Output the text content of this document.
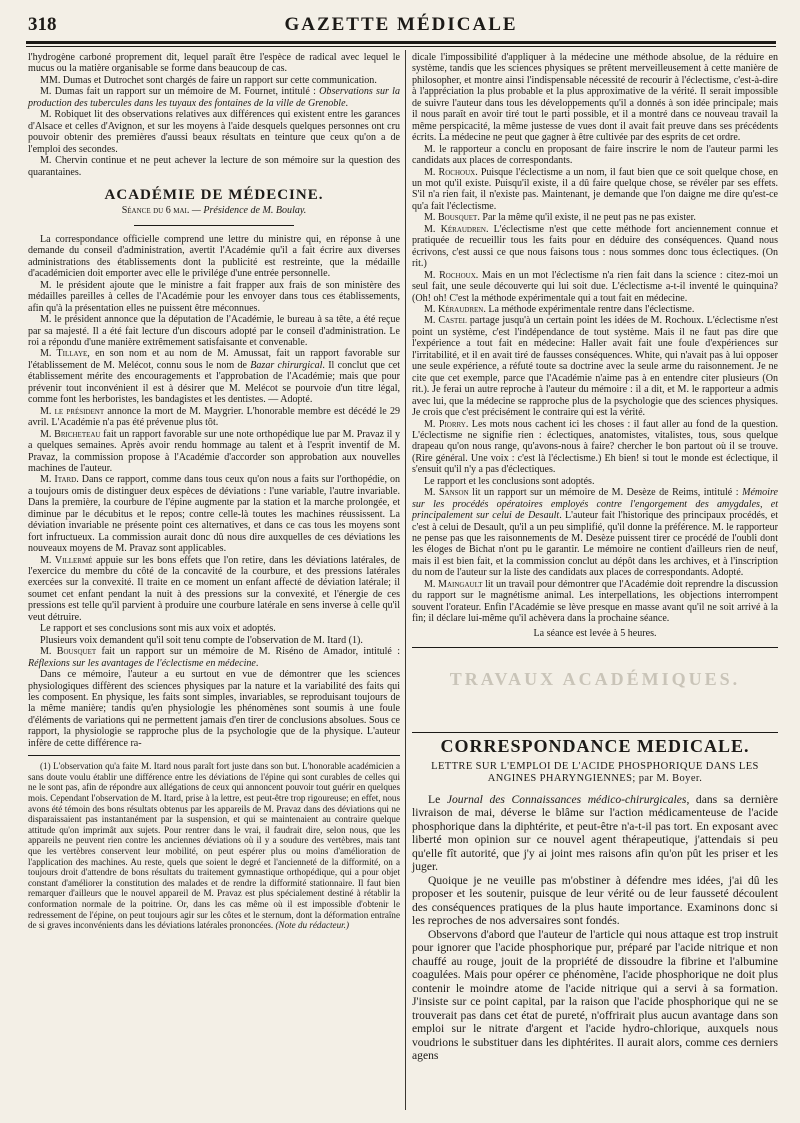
318	GAZETTE MÉDICALE

l'hydrogène carboné proprement dit, lequel paraît être l'espèce de radical avec lequel le mucus ou la matière organisable se forme dans beaucoup de cas.

MM. Dumas et Dutrochet sont chargés de faire un rapport sur cette communication.

M. Dumas fait un rapport sur un mémoire de M. Fournet, intitulé : Observations sur la production des tubercules dans les tuyaux des fontaines de la ville de Grenoble.

M. Robiquet lit des observations relatives aux différences qui existent entre les garances d'Alsace et celles d'Avignon, et sur les moyens à l'aide desquels quelques personnes ont cru pouvoir obtenir des premières d'aussi beaux résultats en teinture que ceux qu'on a de l'emploi des secondes.

M. Chervin continue et ne peut achever la lecture de son mémoire sur la question des quarantaines.

ACADÉMIE DE MÉDECINE.
Séance du 6 mai. — Présidence de M. Boulay.

La correspondance officielle comprend une lettre du ministre qui, en réponse à une demande du conseil d'administration, avertit l'Académie qu'il a fait écrire aux diverses administrations des établissements dont la publicité est restreinte, que la médaille d'académicien doit emporter avec elle le privilége d'une entrée personnelle.

M. le président ajoute que le ministre a fait frapper aux frais de son ministère des médailles pareilles à celles de l'Académie pour les envoyer dans tous ces établissements, afin qu'à la présentation elles ne puissent être méconnues.

M. le président annonce que la députation de l'Académie, le bureau à sa tête, a été reçue par sa majesté. Il a été fait lecture d'un discours adopté par le conseil d'administration. Le roi a répondu d'une manière extrêmement satisfaisante et convenable.

M. Tillaye, en son nom et au nom de M. Amussat, fait un rapport favorable sur l'établissement de M. Melécot, connu sous le nom de Bazar chirurgical. Il conclut que cet établissement mérite des encouragements et l'approbation de l'Académie; mais que pour prévenir tout inconvénient il est à désirer que M. Melécot se pourvoie d'un titre légal, comme font les herboristes, les bandagistes et les dentistes. — Adopté.

M. le président annonce la mort de M. Maygrier. L'honorable membre est décédé le 29 avril. L'Académie n'a pas été prévenue plus tôt.

M. Bricheteau fait un rapport favorable sur une note orthopédique lue par M. Pravaz il y a quelques semaines. Après avoir rendu hommage au talent et à l'esprit inventif de M. Pravaz, la commission propose à l'Académie d'accorder son approbation aux nouvelles machines de l'auteur.

M. Itard. Dans ce rapport, comme dans tous ceux qu'on nous a faits sur l'orthopédie, on a toujours omis de distinguer deux espèces de déviations : l'une variable, l'autre invariable. Dans la première, la courbure de l'épine augmente par la station et la marche prolongée, et diminue par le décubitus et le repos; contre celle-là toutes les machines réussissent. La déviation invariable ne présente point ces alternatives, et dans ce cas tous les moyens sont fort infructueux. La commission aurait donc dû nous dire auxquelles de ces déviations les nouveaux moyens de M. Pravaz sont applicables.

M. Villermé appuie sur les bons effets que l'on retire, dans les déviations latérales, de l'exercice du membre du côté de la concavité de la courbure, et des pressions latérales exercées sur la convexité. Il traite en ce moment un enfant affecté de déviation latérale; il soumet cet enfant pendant la nuit à des pressions sur la convexité, et l'énergie de ces pressions est telle qu'il parvient à produire une courbure latérale en sens inverse à celle qu'il veut détruire.

Le rapport et ses conclusions sont mis aux voix et adoptés.

Plusieurs voix demandent qu'il soit tenu compte de l'observation de M. Itard (1).

M. Bousquet fait un rapport sur un mémoire de M. Riséno de Amador, intitulé : Réflexions sur les avantages de l'éclectisme en médecine.

Dans ce mémoire, l'auteur a eu surtout en vue de démontrer que les sciences physiologiques diffèrent des sciences physiques par la nature et la variabilité des faits qui les composent. En physique, les faits sont simples, invariables, se reproduisant toujours de la même manière; tandis qu'en physiologie les phénomènes sont soumis à une foule d'éléments de variations qui ne permettent jamais d'en tirer de conclusions absolues. Sous ce rapport, la physiologie se rapproche plus de la psychologie que de la physique. L'auteur infère de cette différence ra-

(1) L'observation qu'a faite M. Itard nous paraît fort juste dans son but. L'honorable académicien a sans doute voulu établir une différence entre les déviations de l'épine qui sont curables de celles qui ne le sont pas, afin de répondre aux allégations de ceux qui annoncent pouvoir tout guérir en quelques mois. Cependant l'observation de M. Itard, prise à la lettre, est peut-être trop rigoureuse; en effet, nous avons été témoin des bons résultats obtenus par les appareils de M. Pravaz dans des déviations qui ne disparaissaient pas instantanément par la suspension, et qui se maintenaient au contraire quelque attitude qu'on imprimât aux sujets. Pour rentrer dans le vrai, il faudrait dire, selon nous, que les appareils ne peuvent rien contre les anciennes déviations où il y a soudure des vertèbres, mais tant que les vertèbres conservent leur mobilité, on peut espérer plus ou moins d'amélioration de l'application des machines. Au reste, quels que soient le degré et l'ancienneté de la difformité, on a toujours droit d'attendre de bons résultats du traitement gymnastique orthopédique, qui a pour objet constant d'améliorer la constitution des malades et de rendre la difformité stationnaire. Il faut bien remarquer d'ailleurs que le nouvel appareil de M. Pravaz est plus spécialement destiné à rétablir la conformation normale de la poitrine. Or, dans les cas même où il est impossible d'obtenir le redressement de l'épine, on peut toujours agir sur les côtes et le sternum, dont la déformation entraîne de si graves inconvénients dans les déviations latérales prononcées. (Note du rédacteur.)

dicale l'impossibilité d'appliquer à la médecine une méthode absolue, de la réduire en système, tandis que les sciences physiques se prêtent merveilleusement à cette manière de philosopher, et montre ainsi l'indispensable nécessité de recourir à l'éclectisme, c'est-à-dire à l'appréciation la plus probable et la plus approximative de la vérité. Il serait impossible de suivre l'auteur dans tous les développements qu'il a donnés à son idée principale; mais il nous paraît en avoir tiré tout le parti possible, et il a montré dans ce nouveau travail la même perspicacité, la même justesse de vues dont il avait fait preuve dans ses précédents écrits. La médecine ne peut que gagner à être cultivée par des esprits de cet ordre.

M. le rapporteur a conclu en proposant de faire inscrire le nom de l'auteur parmi les candidats aux places de correspondants.

M. Rochoux. Puisque l'éclectisme a un nom, il faut bien que ce soit quelque chose, en un mot qu'il existe. Puisqu'il existe, il a dû faire quelque chose, se révéler par ses effets. S'il n'a rien fait, il n'existe pas. Maintenant, je demande que l'on daigne me dire qu'est-ce qu'a fait l'éclectisme.

M. Bousquet. Par la même qu'il existe, il ne peut pas ne pas exister.

M. Kéraudren. L'éclectisme n'est que cette méthode fort anciennement connue et pratiquée de recueillir tous les faits pour en déduire des conséquences. Quand nous écrivons, c'est aussi ce que nous faisons tous : nous sommes donc tous éclectiques. (On rit.)

M. Rochoux. Mais en un mot l'éclectisme n'a rien fait dans la science : citez-moi un seul fait, une seule découverte qui lui soit due. L'éclectisme a-t-il inventé le quinquina? (Oh! oh! C'est la méthode expérimentale qui a tout fait en médecine.

M. Kéraudren. La méthode expérimentale rentre dans l'éclectisme.

M. Castel partage jusqu'à un certain point les idées de M. Rochoux. L'éclectisme n'est point un système, c'est l'indépendance de tout système. Mais il ne faut pas dire que l'expérience a tout fait en médecine: Haller avait fait une foule d'expériences sur l'irritabilité, et il en avait tiré de fausses conséquences. White, qui n'avait pas à lui opposer une seule expérience, a réfuté toute sa doctrine avec la seule arme du raisonnement. Je ne cite que cet exemple, parce que l'Académie n'aime pas à en entendre citer plusieurs (On rit.). Je ferai un autre reproche à l'auteur du mémoire : il a dit, et M. le rapporteur a admis avec lui, que la médecine se rapproche plus de la psychologie que des sciences physiques. Je crois que c'est précisément le contraire qui est la vérité.

M. Piorry. Les mots nous cachent ici les choses : il faut aller au fond de la question. L'éclectisme ne signifie rien : éclectiques, anatomistes, vitalistes, tous, sous quelque drapeau qu'on nous range, qu'avons-nous à faire? chercher le bon partout où il se trouve. (Rire général. Une voix : c'est là l'éclectisme.) Eh bien! si tout le monde est éclectique, il s'ensuit qu'il n'y a pas d'éclectiques.

Le rapport et les conclusions sont adoptés.

M. Sanson lit un rapport sur un mémoire de M. Desèze de Reims, intitulé : Mémoire sur les procédés opératoires employés contre l'engorgement des amygdales, et principalement sur celui de Desault. L'auteur fait l'historique des principaux procédés, et c'est à celui de Desault, qu'il a un peu simplifié, qu'il donne la préférence. M. le rapporteur ne pense pas que les raisonnements de M. Desèze puissent tirer ce procédé de l'oubli dont les éloges de Bichat n'ont pu le garantir. Le mémoire ne contient d'ailleurs rien de neuf, mais il est bien fait, et la commission conclut au dépôt dans les archives, et à l'inscription du nom de l'auteur sur la liste des candidats aux places de correspondants. Adopté.

M. Maingault lit un travail pour démontrer que l'Académie doit reprendre la discussion du rapport sur le magnétisme animal. Les interpellations, les objections interrompent souvent l'orateur. Enfin l'Académie se lève presque en masse avant qu'il ne soit arrivé à la fin; il déclare lui-même qu'il achèvera dans la prochaine séance.

La séance est levée à 5 heures.
TRAVAUX ACADÉMIQUES.
CORRESPONDANCE MEDICALE.
LETTRE SUR L'EMPLOI DE L'ACIDE PHOSPHORIQUE DANS LES ANGINES PHARYNGIENNES; par M. Boyer.

Le Journal des Connaissances médico-chirurgicales, dans sa dernière livraison de mai, déverse le blâme sur l'action médicamenteuse de l'acide phosphorique dans la diphtérite, et peut-être n'a-t-il pas tort. En exposant avec liberté mon opinion sur ce nouvel agent thérapeutique, j'attendais si peu qu'elle fît autorité, que j'y ai joint mes raisons afin qu'on pût les priser et les juger.

Quoique je ne veuille pas m'obstiner à défendre mes idées, j'ai dû les proposer et les soutenir, puisque de leur vérité ou de leur fausseté découlent des conséquences pratiques de la plus haute importance. Examinons donc si les reproches de nos adversaires sont fondés.

Observons d'abord que l'auteur de l'article qui nous attaque est trop instruit pour ignorer que l'acide phosphorique pur, préparé par l'acide nitrique et non chauffé au rouge, jouit de la propriété de dissoudre la fibrine et l'albumine coagulées. Mais pour opérer ce phénomène, l'acide phosphorique ne doit plus contenir le moindre atome de l'acide nitrique qui a servi à sa formation. J'insiste sur ce point capital, par la raison que l'acide phosphorique qui ne se trouverait pas dans cet état de pureté, n'offrirait plus aucun avantage dans son emploi sur le nitrate d'argent et l'acide hydro-chlorique, auxquels nous voudrions le substituer dans les diphtérites. Il aurait alors, comme ces derniers agens
